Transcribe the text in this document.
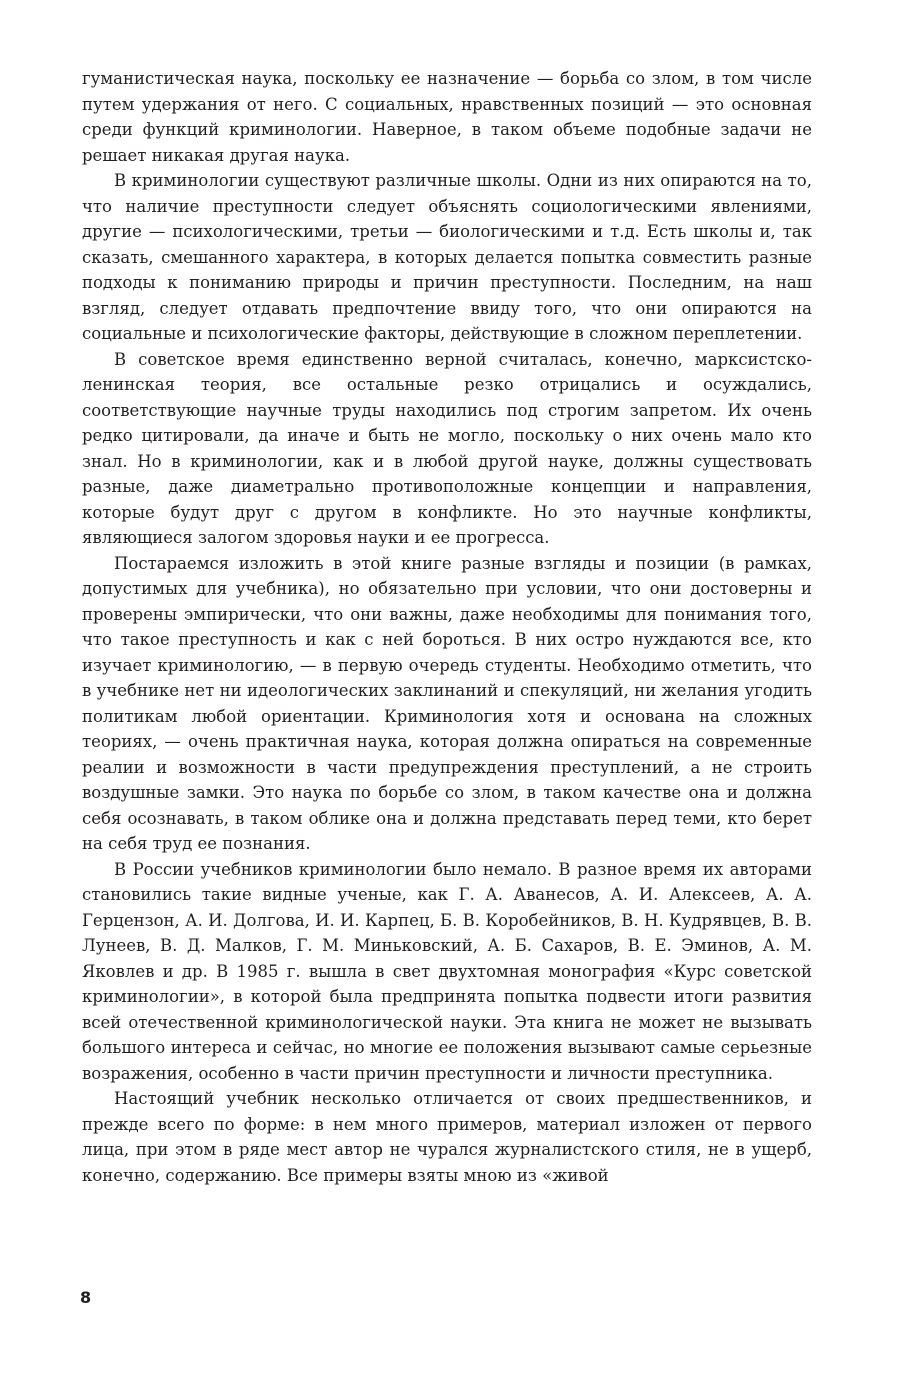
гуманистическая наука, поскольку ее назначение — борьба со злом, в том числе путем удержания от него. С социальных, нравственных позиций — это основная среди функций криминологии. Наверное, в таком объеме подобные задачи не решает никакая другая наука.

В криминологии существуют различные школы. Одни из них опираются на то, что наличие преступности следует объяснять социологическими явлениями, другие — психологическими, третьи — биологическими и т.д. Есть школы и, так сказать, смешанного характера, в которых делается попытка совместить разные подходы к пониманию природы и причин преступности. Последним, на наш взгляд, следует отдавать предпочтение ввиду того, что они опираются на социальные и психологические факторы, действующие в сложном переплетении.

В советское время единственно верной считалась, конечно, марксистско-ленинская теория, все остальные резко отрицались и осуждались, соответствующие научные труды находились под строгим запретом. Их очень редко цитировали, да иначе и быть не могло, поскольку о них очень мало кто знал. Но в криминологии, как и в любой другой науке, должны существовать разные, даже диаметрально противоположные концепции и направления, которые будут друг с другом в конфликте. Но это научные конфликты, являющиеся залогом здоровья науки и ее прогресса.

Постараемся изложить в этой книге разные взгляды и позиции (в рамках, допустимых для учебника), но обязательно при условии, что они достоверны и проверены эмпирически, что они важны, даже необходимы для понимания того, что такое преступность и как с ней бороться. В них остро нуждаются все, кто изучает криминологию, — в первую очередь студенты. Необходимо отметить, что в учебнике нет ни идеологических заклинаний и спекуляций, ни желания угодить политикам любой ориентации. Криминология хотя и основана на сложных теориях, — очень практичная наука, которая должна опираться на современные реалии и возможности в части предупреждения преступлений, а не строить воздушные замки. Это наука по борьбе со злом, в таком качестве она и должна себя осознавать, в таком облике она и должна представать перед теми, кто берет на себя труд ее познания.

В России учебников криминологии было немало. В разное время их авторами становились такие видные ученые, как Г. А. Аванесов, А. И. Алексеев, А. А. Герцензон, А. И. Долгова, И. И. Карпец, Б. В. Коробейников, В. Н. Кудрявцев, В. В. Лунеев, В. Д. Малков, Г. М. Миньковский, А. Б. Сахаров, В. Е. Эминов, А. М. Яковлев и др. В 1985 г. вышла в свет двухтомная монография «Курс советской криминологии», в которой была предпринята попытка подвести итоги развития всей отечественной криминологической науки. Эта книга не может не вызывать большого интереса и сейчас, но многие ее положения вызывают самые серьезные возражения, особенно в части причин преступности и личности преступника.

Настоящий учебник несколько отличается от своих предшественников, и прежде всего по форме: в нем много примеров, материал изложен от первого лица, при этом в ряде мест автор не чурался журналистского стиля, не в ущерб, конечно, содержанию. Все примеры взяты мною из «живой

8
